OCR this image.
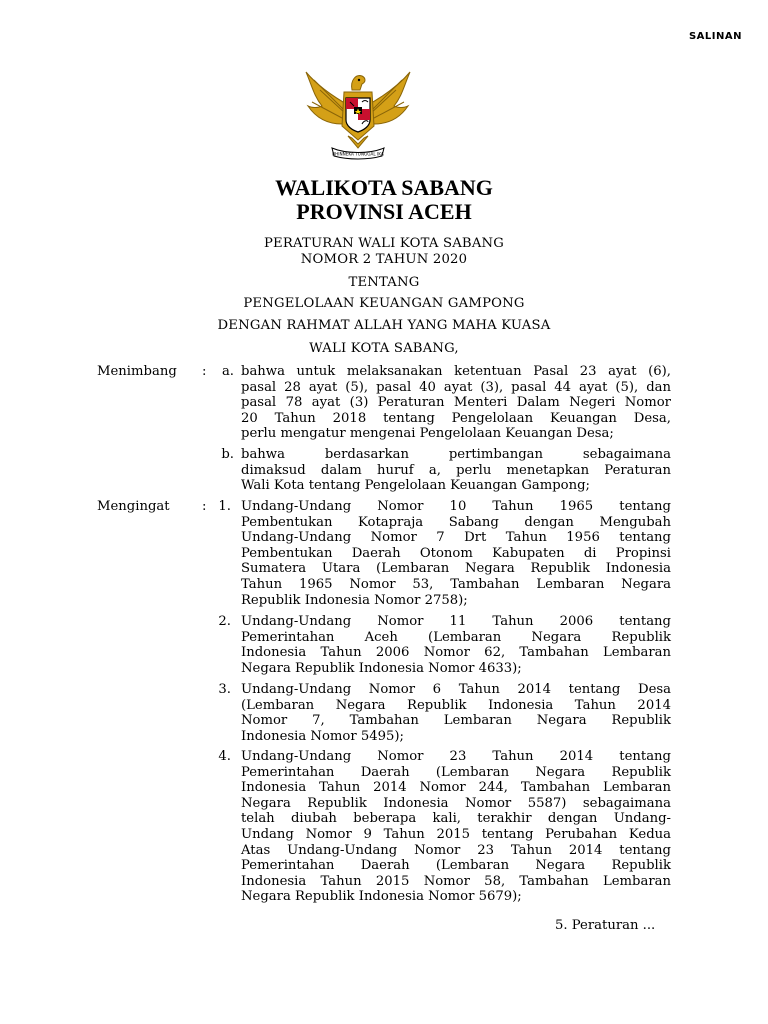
SALINAN
BHINNEKA TUNGGAL IKA
WALIKOTA SABANG
PROVINSI ACEH
PERATURAN WALI KOTA SABANG
NOMOR 2 TAHUN 2020
TENTANG
PENGELOLAAN KEUANGAN GAMPONG
DENGAN RAHMAT ALLAH YANG MAHA KUASA
WALI KOTA SABANG,
Menimbang :	a. bahwa untuk melaksanakan ketentuan Pasal 23 ayat (6),
pasal 28 ayat (5), pasal 40 ayat (3), pasal 44 ayat (5), dan
pasal 78 ayat (3) Peraturan Menteri Dalam Negeri Nomor
20 Tahun 2018 tentang Pengelolaan Keuangan Desa,
perlu mengatur mengenai Pengelolaan Keuangan Desa;
b. bahwa berdasarkan pertimbangan sebagaimana
dimaksud dalam huruf a, perlu menetapkan Peraturan
Wali Kota tentang Pengelolaan Keuangan Gampong;
Mengingat : 1. Undang-Undang Nomor 10 Tahun 1965 tentang
Pembentukan Kotapraja Sabang dengan Mengubah
Undang-Undang Nomor 7 Drt Tahun 1956 tentang
Pembentukan Daerah Otonom Kabupaten di Propinsi
Sumatera Utara (Lembaran Negara Republik Indonesia
Tahun 1965 Nomor 53, Tambahan Lembaran Negara
Republik Indonesia Nomor 2758);
2. Undang-Undang Nomor 11 Tahun 2006 tentang
Pemerintahan Aceh (Lembaran Negara Republik
Indonesia Tahun 2006 Nomor 62, Tambahan Lembaran
Negara Republik Indonesia Nomor 4633);
3. Undang-Undang Nomor 6 Tahun 2014 tentang Desa
(Lembaran Negara Republik Indonesia Tahun 2014
Nomor 7, Tambahan Lembaran Negara Republik
Indonesia Nomor 5495);
4. Undang-Undang Nomor 23 Tahun 2014 tentang
Pemerintahan Daerah (Lembaran Negara Republik
Indonesia Tahun 2014 Nomor 244, Tambahan Lembaran
Negara Republik Indonesia Nomor 5587) sebagaimana
telah diubah beberapa kali, terakhir dengan Undang-
Undang Nomor 9 Tahun 2015 tentang Perubahan Kedua
Atas Undang-Undang Nomor 23 Tahun 2014 tentang
Pemerintahan Daerah (Lembaran Negara Republik
Indonesia Tahun 2015 Nomor 58, Tambahan Lembaran
Negara Republik Indonesia Nomor 5679);
5. Peraturan ...
